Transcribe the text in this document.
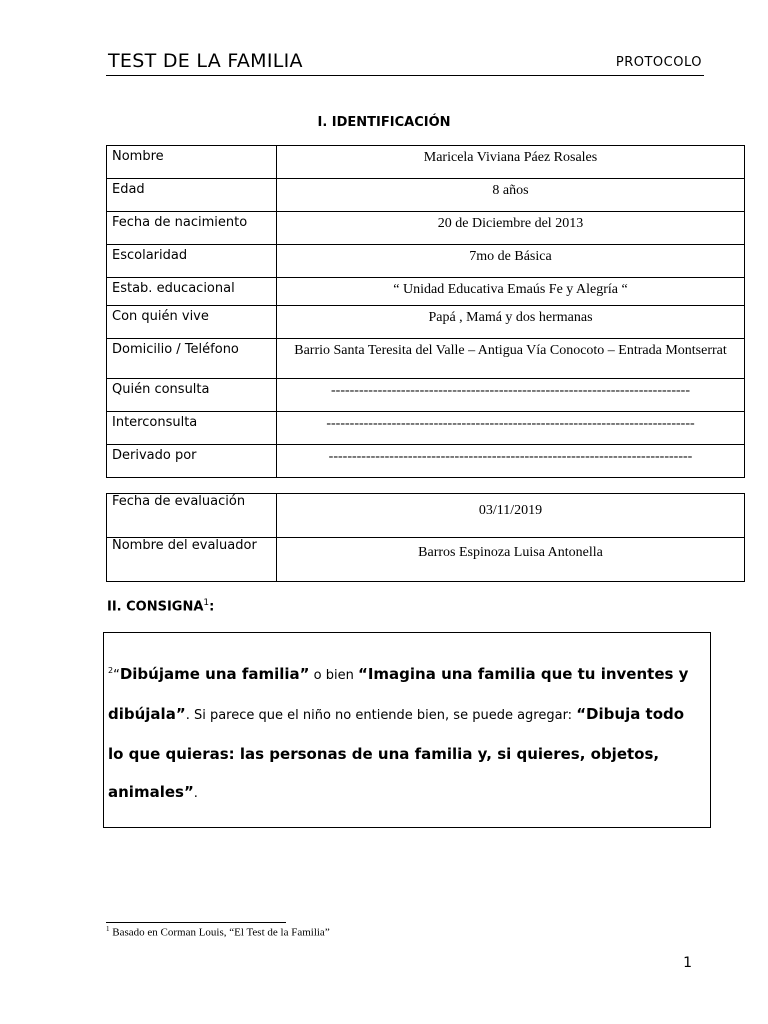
TEST DE LA FAMILIA	PROTOCOLO
I. IDENTIFICACIÓN
Nombre	Maricela Viviana Páez Rosales
Edad	8 años
Fecha de nacimiento	20 de Diciembre del 2013
Escolaridad	7mo de Básica
Estab. educacional	“ Unidad Educativa Emaús Fe y Alegría “
Con quién vive	Papá , Mamá y dos hermanas
Domicilio / Teléfono	Barrio Santa Teresita del Valle – Antigua Vía Conocoto – Entrada Montserrat
Quién consulta	-----------------------------------------------------------------------------
Interconsulta	-------------------------------------------------------------------------------
Derivado por	------------------------------------------------------------------------------
Fecha de evaluación	03/11/2019
Nombre del evaluador	Barros Espinoza Luisa Antonella
II. CONSIGNA$^1$:
$^2$“Dibújame una familia” o bien “Imagina una familia que tu inventes y dibújala”. Si parece que el niño no entiende bien, se puede agregar: “Dibuja todo lo que quieras: las personas de una familia y, si quieres, objetos, animales”.
$^1$ Basado en Corman Louis, “El Test de la Familia”
1
